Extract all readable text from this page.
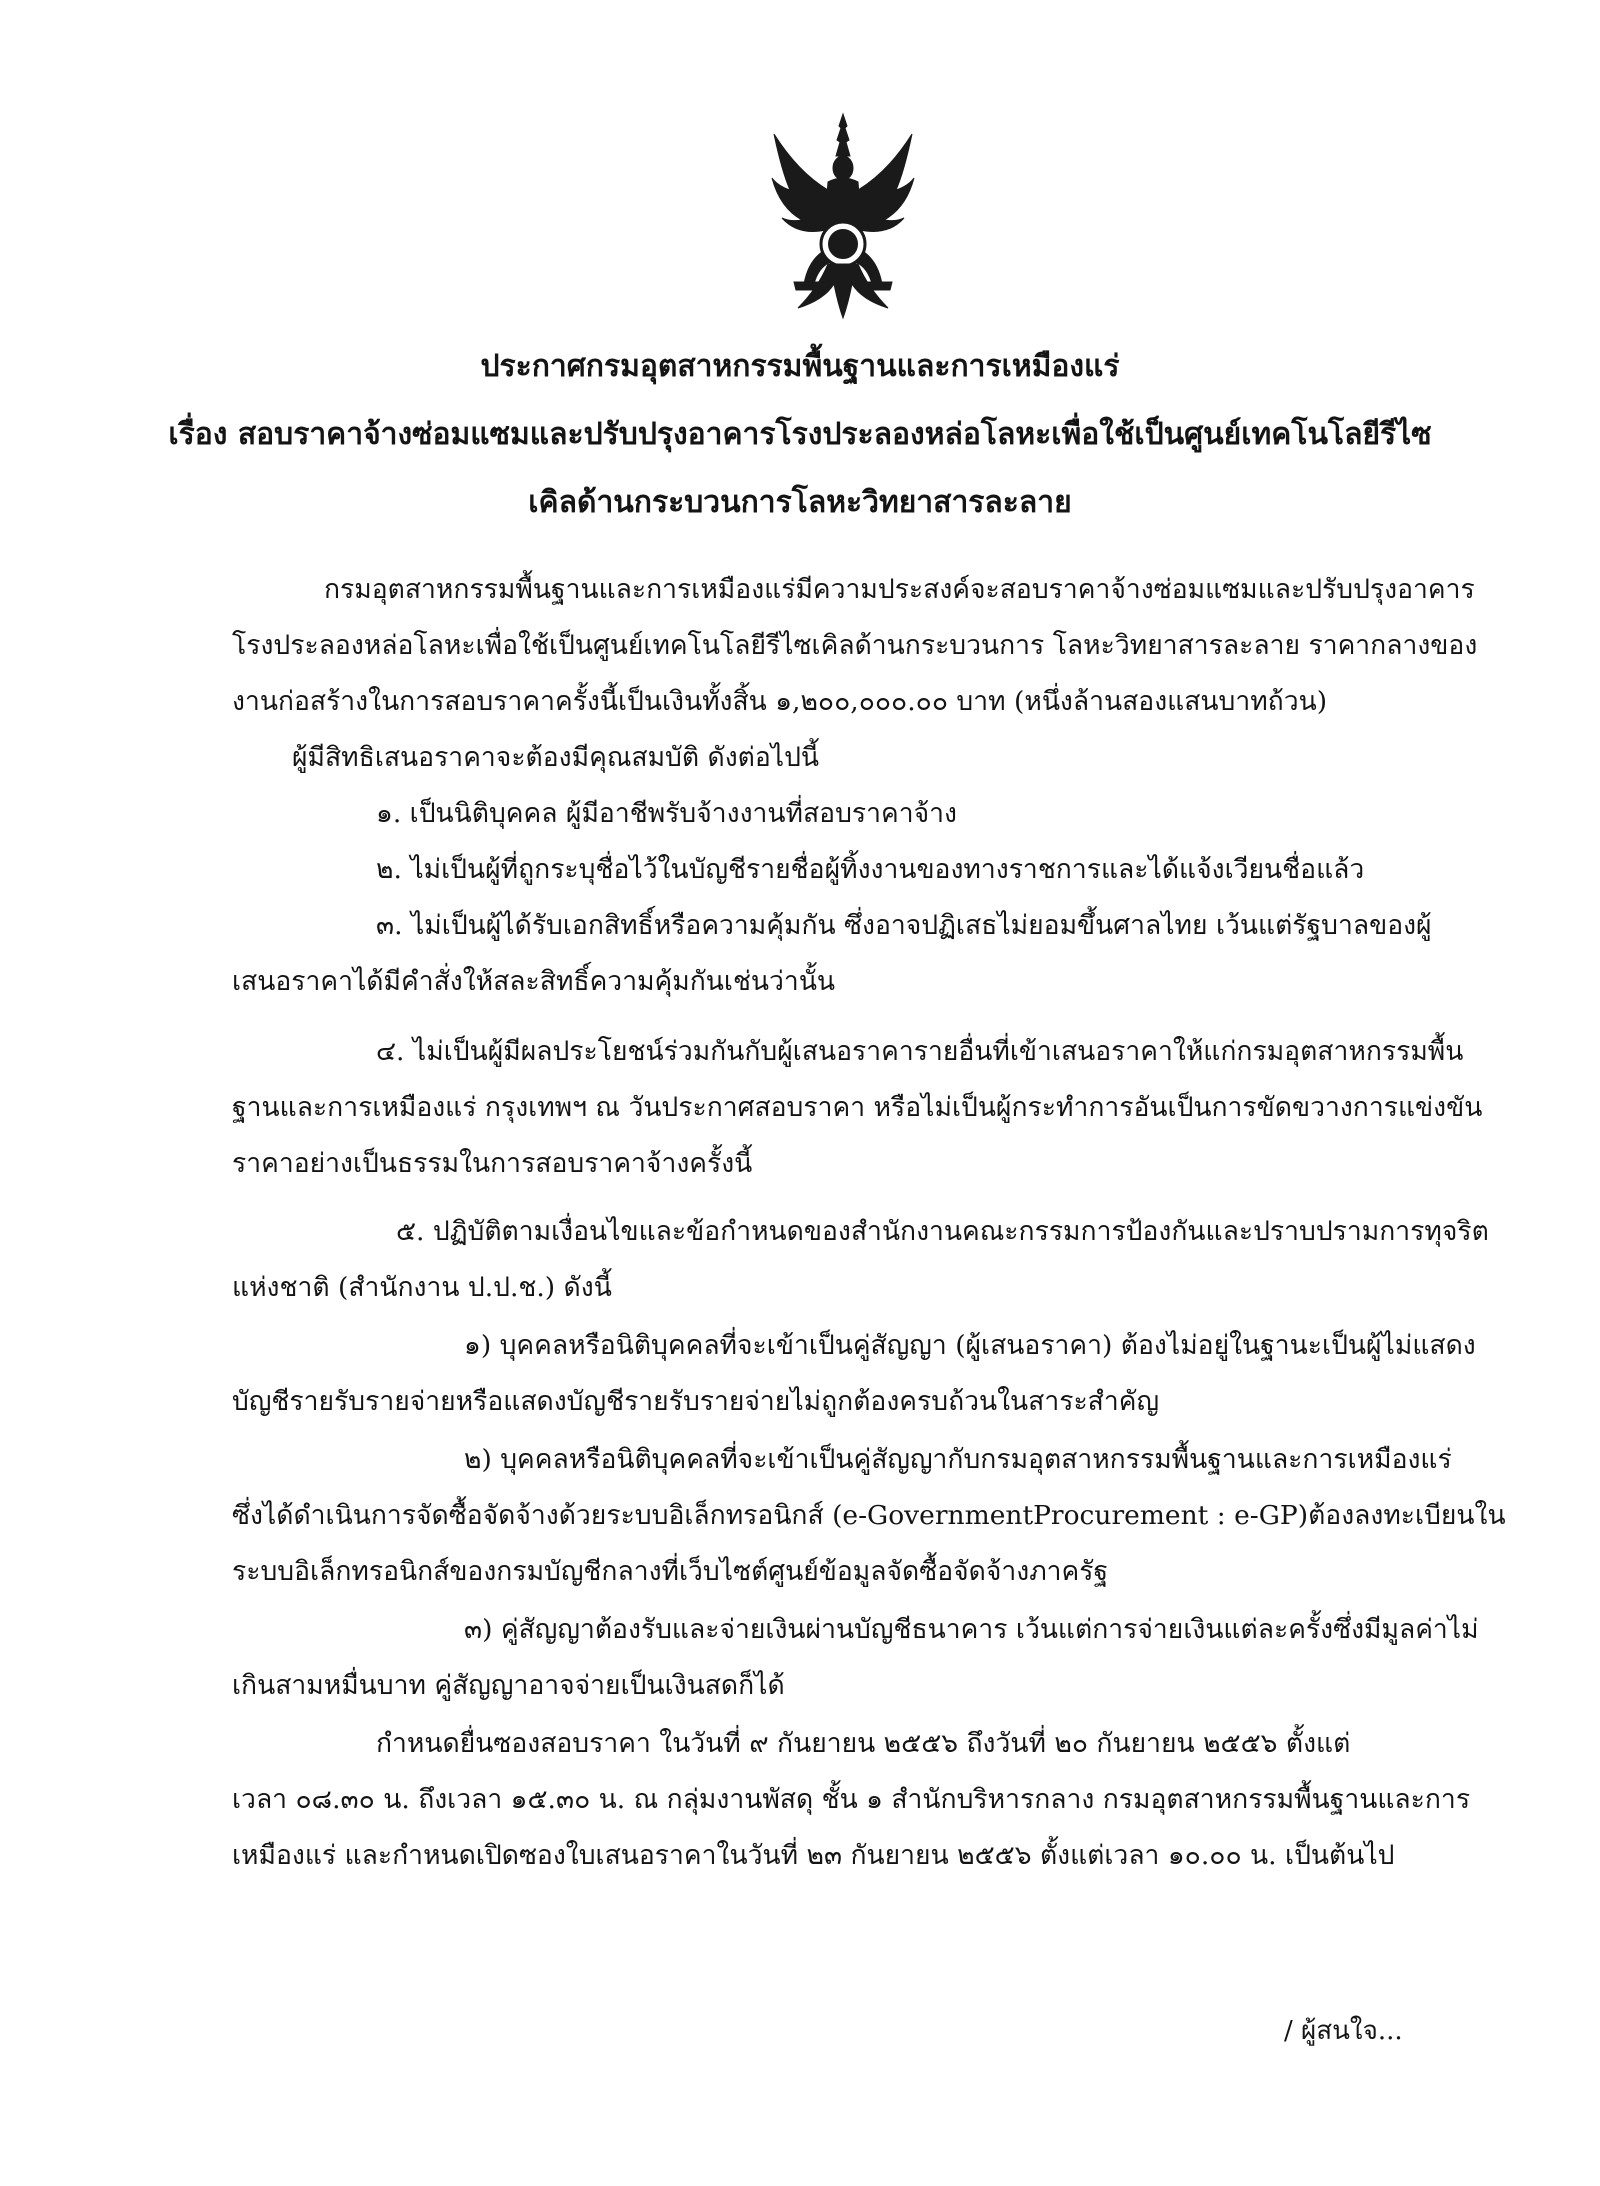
ประกาศกรมอุตสาหกรรมพื้นฐานและการเหมืองแร่
เรื่อง สอบราคาจ้างซ่อมแซมและปรับปรุงอาคารโรงประลองหล่อโลหะเพื่อใช้เป็นศูนย์เทคโนโลยีรีไซ
เคิลด้านกระบวนการโลหะวิทยาสารละลาย
กรมอุตสาหกรรมพื้นฐานและการเหมืองแร่มีความประสงค์จะสอบราคาจ้างซ่อมแซมและปรับปรุงอาคาร
โรงประลองหล่อโลหะเพื่อใช้เป็นศูนย์เทคโนโลยีรีไซเคิลด้านกระบวนการ โลหะวิทยาสารละลาย ราคากลางของ
งานก่อสร้างในการสอบราคาครั้งนี้เป็นเงินทั้งสิ้น ๑,๒๐๐,๐๐๐.๐๐ บาท (หนึ่งล้านสองแสนบาทถ้วน)
ผู้มีสิทธิเสนอราคาจะต้องมีคุณสมบัติ ดังต่อไปนี้
๑. เป็นนิติบุคคล ผู้มีอาชีพรับจ้างงานที่สอบราคาจ้าง
๒. ไม่เป็นผู้ที่ถูกระบุชื่อไว้ในบัญชีรายชื่อผู้ทิ้งงานของทางราชการและได้แจ้งเวียนชื่อแล้ว
๓. ไม่เป็นผู้ได้รับเอกสิทธิ์หรือความคุ้มกัน ซึ่งอาจปฏิเสธไม่ยอมขึ้นศาลไทย เว้นแต่รัฐบาลของผู้
เสนอราคาได้มีคำสั่งให้สละสิทธิ์ความคุ้มกันเช่นว่านั้น
๔. ไม่เป็นผู้มีผลประโยชน์ร่วมกันกับผู้เสนอราคารายอื่นที่เข้าเสนอราคาให้แก่กรมอุตสาหกรรมพื้น
ฐานและการเหมืองแร่ กรุงเทพฯ ณ วันประกาศสอบราคา หรือไม่เป็นผู้กระทำการอันเป็นการขัดขวางการแข่งขัน
ราคาอย่างเป็นธรรมในการสอบราคาจ้างครั้งนี้
๕. ปฏิบัติตามเงื่อนไขและข้อกำหนดของสำนักงานคณะกรรมการป้องกันและปราบปรามการทุจริต
แห่งชาติ (สำนักงาน ป.ป.ช.) ดังนี้
๑) บุคคลหรือนิติบุคคลที่จะเข้าเป็นคู่สัญญา (ผู้เสนอราคา) ต้องไม่อยู่ในฐานะเป็นผู้ไม่แสดง
บัญชีรายรับรายจ่ายหรือแสดงบัญชีรายรับรายจ่ายไม่ถูกต้องครบถ้วนในสาระสำคัญ
๒) บุคคลหรือนิติบุคคลที่จะเข้าเป็นคู่สัญญากับกรมอุตสาหกรรมพื้นฐานและการเหมืองแร่
ซึ่งได้ดำเนินการจัดซื้อจัดจ้างด้วยระบบอิเล็กทรอนิกส์ (e-GovernmentProcurement : e-GP)ต้องลงทะเบียนใน
ระบบอิเล็กทรอนิกส์ของกรมบัญชีกลางที่เว็บไซต์ศูนย์ข้อมูลจัดซื้อจัดจ้างภาครัฐ
๓) คู่สัญญาต้องรับและจ่ายเงินผ่านบัญชีธนาคาร เว้นแต่การจ่ายเงินแต่ละครั้งซึ่งมีมูลค่าไม่
เกินสามหมื่นบาท คู่สัญญาอาจจ่ายเป็นเงินสดก็ได้
กำหนดยื่นซองสอบราคา ในวันที่ ๙ กันยายน ๒๕๕๖ ถึงวันที่ ๒๐ กันยายน ๒๕๕๖ ตั้งแต่
เวลา ๐๘.๓๐ น. ถึงเวลา ๑๕.๓๐ น. ณ กลุ่มงานพัสดุ ชั้น ๑ สำนักบริหารกลาง กรมอุตสาหกรรมพื้นฐานและการ
เหมืองแร่ และกำหนดเปิดซองใบเสนอราคาในวันที่ ๒๓ กันยายน ๒๕๕๖ ตั้งแต่เวลา ๑๐.๐๐ น. เป็นต้นไป
/ ผู้สนใจ...
